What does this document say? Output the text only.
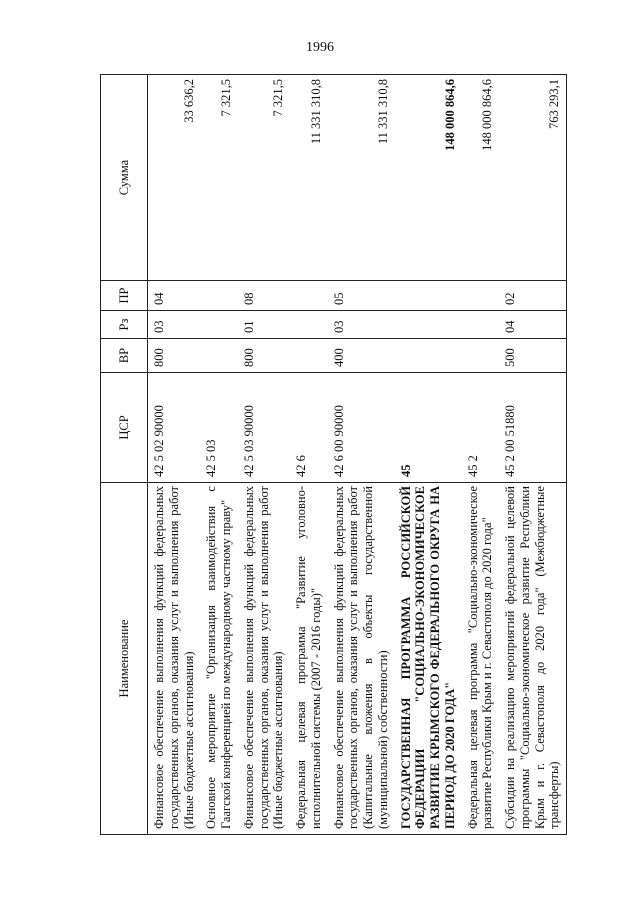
1996
Наименование	ЦСР	ВР	Рз	ПР	Сумма
Финансовое обеспечение выполнения функций федеральных государственных органов, оказания услуг и выполнения работ (Иные бюджетные ассигнования)	42 5 02 90000	800	03	04	33 636,2
Основное мероприятие "Организация взаимодействия с Гаагской конференцией по международному частному праву"	42 5 03				7 321,5
Финансовое обеспечение выполнения функций федеральных государственных органов, оказания услуг и выполнения работ (Иные бюджетные ассигнования)	42 5 03 90000	800	01	08	7 321,5
Федеральная целевая программа "Развитие уголовно-исполнительной системы (2007 - 2016 годы)"	42 6				11 331 310,8
Финансовое обеспечение выполнения функций федеральных государственных органов, оказания услуг и выполнения работ (Капитальные вложения в объекты государственной (муниципальной) собственности)	42 6 00 90000	400	03	05	11 331 310,8
ГОСУДАРСТВЕННАЯ ПРОГРАММА РОССИЙСКОЙ ФЕДЕРАЦИИ "СОЦИАЛЬНО-ЭКОНОМИЧЕСКОЕ РАЗВИТИЕ КРЫМСКОГО ФЕДЕРАЛЬНОГО ОКРУГА НА ПЕРИОД ДО 2020 ГОДА"	45				148 000 864,6
Федеральная целевая программа "Социально-экономическое развитие Республики Крым и г. Севастополя до 2020 года"	45 2				148 000 864,6
Субсидии на реализацию мероприятий федеральной целевой программы "Социально-экономическое развитие Республики Крым и г. Севастополя до 2020 года" (Межбюджетные трансферты)	45 2 00 51880	500	04	02	763 293,1
